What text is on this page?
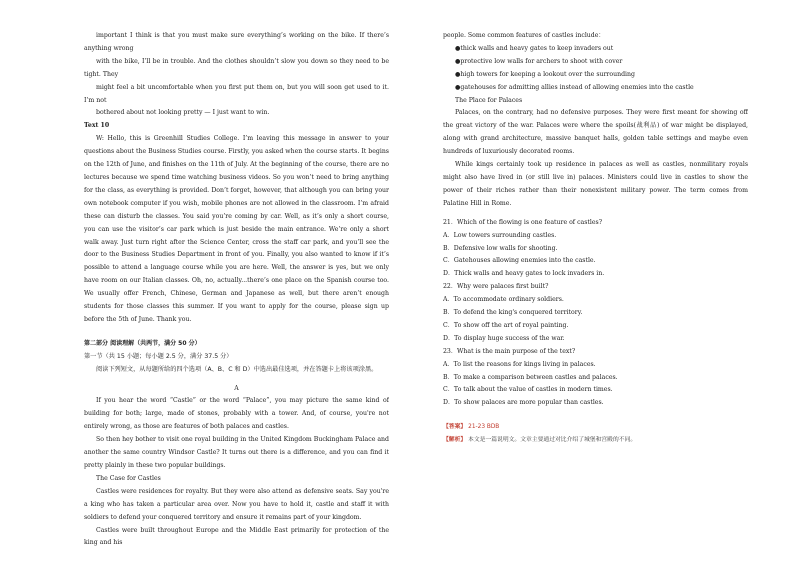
important I think is that you must make sure everything’s working on the bike. If there’s anything wrong

with the bike, I’ll be in trouble. And the clothes shouldn’t slow you down so they need to be tight. They

might feel a bit uncomfortable when you first put them on, but you will soon get used to it. I’m not

bothered about not looking pretty — I just want to win.

Text 10

W: Hello, this is Greenhill Studies College. I’m leaving this message in answer to your questions about the Business Studies course. Firstly, you asked when the course starts. It begins on the 12th of June, and finishes on the 11th of July. At the beginning of the course, there are no lectures because we spend time watching business videos. So you won’t need to bring anything for the class, as everything is provided. Don’t forget, however, that although you can bring your own notebook computer if you wish, mobile phones are not allowed in the classroom. I’m afraid these can disturb the classes. You said you’re coming by car. Well, as it’s only a short course, you can use the visitor’s car park which is just beside the main entrance. We’re only a short walk away. Just turn right after the Science Center, cross the staff car park, and you’ll see the door to the Business Studies Department in front of you. Finally, you also wanted to know if it’s possible to attend a language course while you are here. Well, the answer is yes, but we only have room on our Italian classes. Oh, no, actually...there’s one place on the Spanish course too. We usually offer French, Chinese, German and Japanese as well, but there aren’t enough students for those classes this summer. If you want to apply for the course, please sign up before the 5th of June. Thank you.

第二部分 阅读理解（共两节，满分 50 分）

第一节（共 15 小题；每小题 2.5 分，满分 37.5 分）

阅读下列短文，从每题所给的四个选项（A、B、C 和 D）中选出最佳选项，并在答题卡上将该项涂黑。

A

If you hear the word “Castle” or the word “Palace”, you may picture the same kind of building for both; large, made of stones, probably with a tower. And, of course, you're not entirely wrong, as those are features of both palaces and castles.

So then hey bother to visit one royal building in the United Kingdom Buckingham Palace and another the same country Windsor Castle? It turns out there is a difference, and you can find it pretty plainly in these two popular buildings.

The Case for Castles

Castles were residences for royalty. But they were also attend as defensive seats. Say you're a king who has taken a particular area over. Now you have to hold it, castle and staff it with soldiers to defend your conquered territory and ensure it remains part of your kingdom.

Castles were built throughout Europe and the Middle East primarily for protection of the king and his

people. Some common features of castles include：

●thick walls and heavy gates to keep invaders out

●protective low walls for archers to shoot with cover

●high towers for keeping a lookout over the surrounding

●gatehouses for admitting allies instead of allowing enemies into the castle

The Place for Palaces

Palaces, on the contrary, had no defensive purposes. They were first meant for showing off the great victory of the war. Palaces were where the spoils(战利品) of war might be displayed, along with grand architecture, massive banquet halls, golden table settings and maybe even hundreds of luxuriously decorated rooms.

While kings certainly took up residence in palaces as well as castles, nonmilitary royals might also have lived in (or still live in) palaces. Ministers could live in castles to show the power of their riches rather than their nonexistent military power. The term comes from Palatine Hill in Rome.

21．Which of the flowing is one feature of castles?

A．Low towers surrounding castles.

B．Defensive low walls for shooting.

C．Gatehouses allowing enemies into the castle.

D．Thick walls and heavy gates to lock invaders in.

22．Why were palaces first built?

A．To accommodate ordinary soldiers.

B．To defend the king's conquered territory.

C．To show off the art of royal painting.

D．To display huge success of the war.

23．What is the main purpose of the text?

A．To list the reasons for kings living in palaces.

B．To make a comparison between castles and palaces.

C．To talk about the value of castles in modern times.

D．To show palaces are more popular than castles.

【答案】 21-23 BDB

【解析】 本文是一篇说明文。文章主要通过对比介绍了城堡和宫殿的不同。
